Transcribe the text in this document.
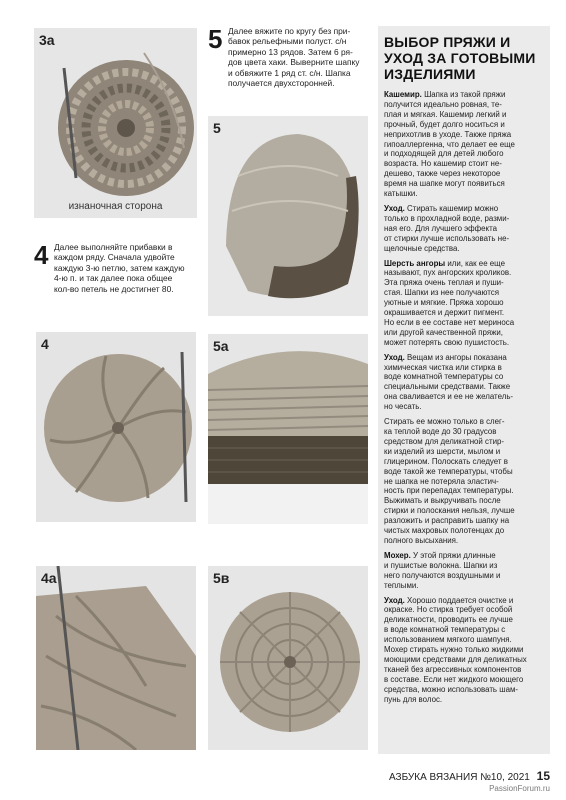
3а
изнаночная сторона
5 Далее вяжите по кругу без при-
бавок рельефными полуст. с/н
примерно 13 рядов. Затем 6 ря-
дов цвета хаки. Выверните шапку
и обвяжите 1 ряд ст. с/н. Шапка
получается двухсторонней.
5
4 Далее выполняйте прибавки в
каждом ряду. Сначала удвойте
каждую 3-ю петлю, затем каждую
4-ю п. и так далее пока общее
кол-во петель не достигнет 80.
4	5а
4а	5в
ВЫБОР ПРЯЖИ И
УХОД ЗА ГОТОВЫМИ
ИЗДЕЛИЯМИ
Кашемир. Шапка из такой пряжи
получится идеально ровная, те-
плая и мягкая. Кашемир легкий и
прочный, будет долго носиться и
неприхотлив в уходе. Также пряжа
гипоаллергенна, что делает ее еще
и подходящей для детей любого
возраста. Но кашемир стоит не-
дешево, также через некоторое
время на шапке могут появиться
катышки.
Уход. Стирать кашемир можно
только в прохладной воде, разми-
ная его. Для лучшего эффекта
от стирки лучше использовать не-
щелочные средства.
Шерсть ангоры или, как ее еще
называют, пух ангорских кроликов.
Эта пряжа очень теплая и пуши-
стая. Шапки из нее получаются
уютные и мягкие. Пряжа хорошо
окрашивается и держит пигмент.
Но если в ее составе нет мериноса
или другой качественной пряжи,
может потерять свою пушистость.
Уход. Вещам из ангоры показана
химическая чистка или стирка в
воде комнатной температуры со
специальными средствами. Также
она сваливается и ее не желатель-
но чесать.
Стирать ее можно только в слег-
ка теплой воде до 30 градусов
средством для деликатной стир-
ки изделий из шерсти, мылом и
глицерином. Полоскать следует в
воде такой же температуры, чтобы
не шапка не потеряла эластич-
ность при перепадах температуры.
Выжимать и выкручивать после
стирки и полоскания нельзя, лучше
разложить и расправить шапку на
чистых махровых полотенцах до
полного высыхания.
Мохер. У этой пряжи длинные
и пушистые волокна. Шапки из
него получаются воздушными и
теплыми.
Уход. Хорошо поддается очистке и
окраске. Но стирка требует особой
деликатности, проводить ее лучше
в воде комнатной температуры с
использованием мягкого шампуня.
Мохер стирать нужно только жидкими
моющими средствами для деликатных
тканей без агрессивных компонентов
в составе. Если нет жидкого моющего
средства, можно использовать шам-
пунь для волос.
АЗБУКА ВЯЗАНИЯ №10, 2021 15
PassionForum.ru
